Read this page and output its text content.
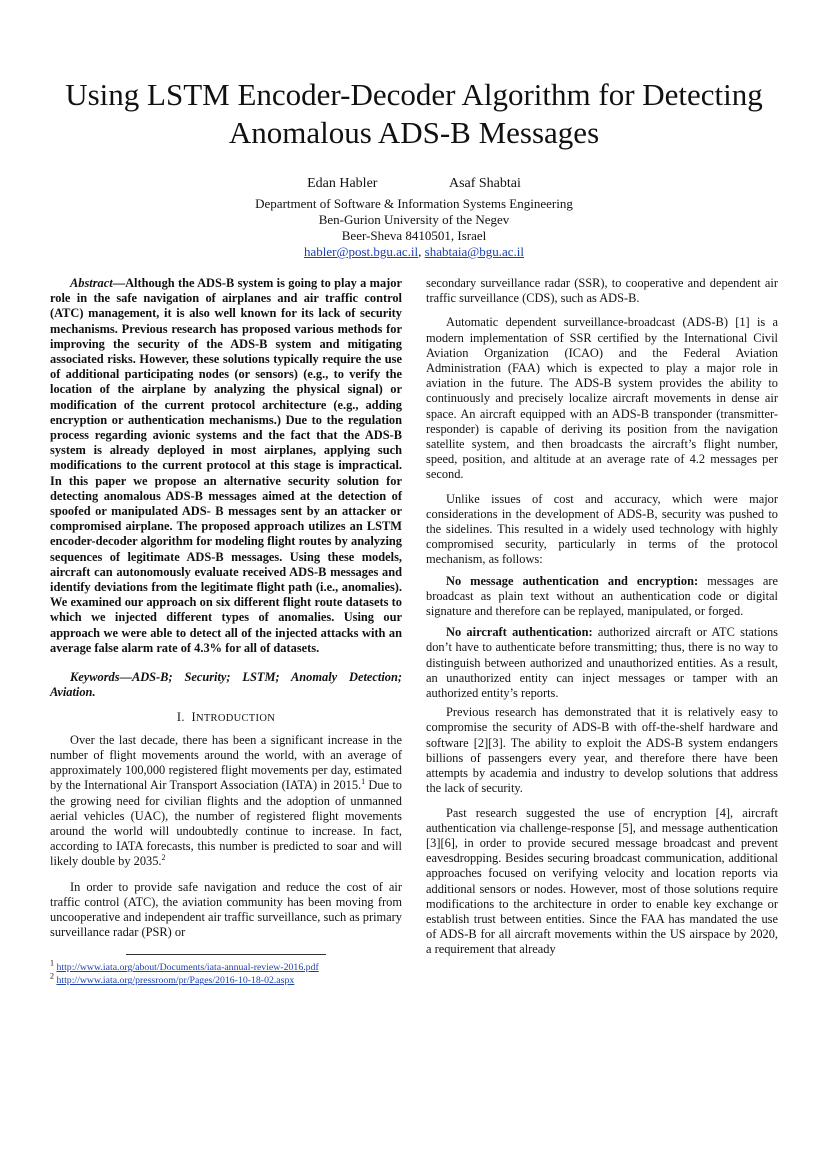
Using LSTM Encoder-Decoder Algorithm for Detecting Anomalous ADS-B Messages
Edan Habler	Asaf Shabtai
Department of Software & Information Systems Engineering
Ben-Gurion University of the Negev
Beer-Sheva 8410501, Israel
habler@post.bgu.ac.il, shabtaia@bgu.ac.il

Abstract—Although the ADS-B system is going to play a major role in the safe navigation of airplanes and air traffic control (ATC) management, it is also well known for its lack of security mechanisms. Previous research has proposed various methods for improving the security of the ADS-B system and mitigating associated risks. However, these solutions typically require the use of additional participating nodes (or sensors) (e.g., to verify the location of the airplane by analyzing the physical signal) or modification of the current protocol architecture (e.g., adding encryption or authentication mechanisms.) Due to the regulation process regarding avionic systems and the fact that the ADS-B system is already deployed in most airplanes, applying such modifications to the current protocol at this stage is impractical. In this paper we propose an alternative security solution for detecting anomalous ADS-B messages aimed at the detection of spoofed or manipulated ADS- B messages sent by an attacker or compromised airplane. The proposed approach utilizes an LSTM encoder-decoder algorithm for modeling flight routes by analyzing sequences of legitimate ADS-B messages. Using these models, aircraft can autonomously evaluate received ADS-B messages and identify deviations from the legitimate flight path (i.e., anomalies). We examined our approach on six different flight route datasets to which we injected different types of anomalies. Using our approach we were able to detect all of the injected attacks with an average false alarm rate of 4.3% for all of datasets.

Keywords—ADS-B; Security; LSTM; Anomaly Detection; Aviation.

I. INTRODUCTION

Over the last decade, there has been a significant increase in the number of flight movements around the world, with an average of approximately 100,000 registered flight movements per day, estimated by the International Air Transport Association (IATA) in 2015.$^1$ Due to the growing need for civilian flights and the adoption of unmanned aerial vehicles (UAC), the number of registered flight movements around the world will undoubtedly continue to increase. In fact, according to IATA forecasts, this number is predicted to soar and will likely double by 2035.$^2$

In order to provide safe navigation and reduce the cost of air traffic control (ATC), the aviation community has been moving from uncooperative and independent air traffic surveillance, such as primary surveillance radar (PSR) or

$^1$ http://www.iata.org/about/Documents/iata-annual-review-2016.pdf

$^2$ http://www.iata.org/pressroom/pr/Pages/2016-10-18-02.aspx

secondary surveillance radar (SSR), to cooperative and dependent air traffic surveillance (CDS), such as ADS-B.

Automatic dependent surveillance-broadcast (ADS-B) [1] is a modern implementation of SSR certified by the International Civil Aviation Organization (ICAO) and the Federal Aviation Administration (FAA) which is expected to play a major role in aviation in the future. The ADS-B system provides the ability to continuously and precisely localize aircraft movements in dense air space. An aircraft equipped with an ADS-B transponder (transmitter-responder) is capable of deriving its position from the navigation satellite system, and then broadcasts the aircraft’s flight number, speed, position, and altitude at an average rate of 4.2 messages per second.

Unlike issues of cost and accuracy, which were major considerations in the development of ADS-B, security was pushed to the sidelines. This resulted in a widely used technology with highly compromised security, particularly in terms of the protocol mechanism, as follows:

No message authentication and encryption: messages are broadcast as plain text without an authentication code or digital signature and therefore can be replayed, manipulated, or forged.

No aircraft authentication: authorized aircraft or ATC stations don’t have to authenticate before transmitting; thus, there is no way to distinguish between authorized and unauthorized entities. As a result, an unauthorized entity can inject messages or tamper with an authorized entity’s reports.

Previous research has demonstrated that it is relatively easy to compromise the security of ADS-B with off-the-shelf hardware and software [2][3]. The ability to exploit the ADS-B system endangers billions of passengers every year, and therefore there have been attempts by academia and industry to develop solutions that address the lack of security.

Past research suggested the use of encryption [4], aircraft authentication via challenge-response [5], and message authentication [3][6], in order to provide secured message broadcast and prevent eavesdropping. Besides securing broadcast communication, additional approaches focused on verifying velocity and location reports via additional sensors or nodes. However, most of those solutions require modifications to the architecture in order to enable key exchange or establish trust between entities. Since the FAA has mandated the use of ADS-B for all aircraft movements within the US airspace by 2020, a requirement that already
